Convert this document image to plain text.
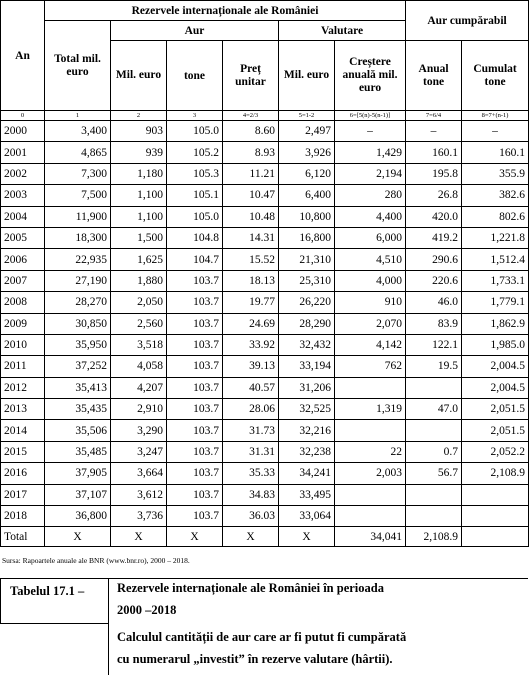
An	Rezervele internaționale ale României						Aur cumpărabil	
	Total mil. euro	Aur			Valutare			
		Mil. euro	tone	Preț unitar	Mil. euro	Creștere anuală mil. euro	Anual tone	Cumulat tone
0	1	2	3	4=2/3	5=1-2	6=[5(n)-5(n-1)]	7=6/4	8=7+(n-1)
2000	3,400	903	105.0	8.60	2,497	–	–	–
2001	4,865	939	105.2	8.93	3,926	1,429	160.1	160.1
2002	7,300	1,180	105.3	11.21	6,120	2,194	195.8	355.9
2003	7,500	1,100	105.1	10.47	6,400	280	26.8	382.6
2004	11,900	1,100	105.0	10.48	10,800	4,400	420.0	802.6
2005	18,300	1,500	104.8	14.31	16,800	6,000	419.2	1,221.8
2006	22,935	1,625	104.7	15.52	21,310	4,510	290.6	1,512.4
2007	27,190	1,880	103.7	18.13	25,310	4,000	220.6	1,733.1
2008	28,270	2,050	103.7	19.77	26,220	910	46.0	1,779.1
2009	30,850	2,560	103.7	24.69	28,290	2,070	83.9	1,862.9
2010	35,950	3,518	103.7	33.92	32,432	4,142	122.1	1,985.0
2011	37,252	4,058	103.7	39.13	33,194	762	19.5	2,004.5
2012	35,413	4,207	103.7	40.57	31,206			2,004.5
2013	35,435	2,910	103.7	28.06	32,525	1,319	47.0	2,051.5
2014	35,506	3,290	103.7	31.73	32,216			2,051.5
2015	35,485	3,247	103.7	31.31	32,238	22	0.7	2,052.2
2016	37,905	3,664	103.7	35.33	34,241	2,003	56.7	2,108.9
2017	37,107	3,612	103.7	34.83	33,495			
2018	36,800	3,736	103.7	36.03	33,064			
Total	X	X	X	X	X	34,041	2,108.9	
Sursa: Rapoartele anuale ale BNR (www.bnr.ro), 2000 – 2018.
Tabelul 17.1 –	Rezervele internaționale ale României în perioada
2000 –2018
Calculul cantității de aur care ar fi putut fi cumpărată
cu numerarul „investit” în rezerve valutare (hârtii).
